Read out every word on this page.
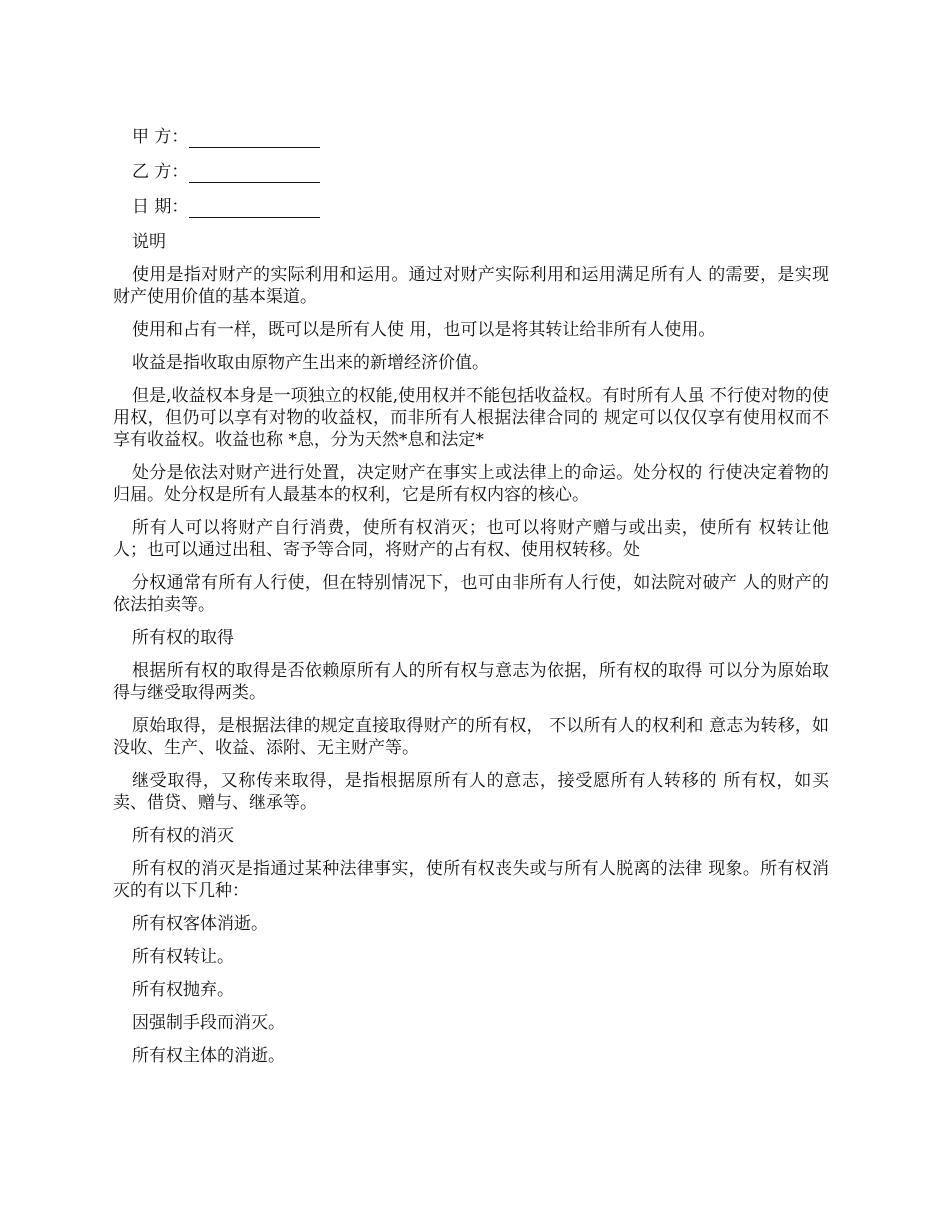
甲 方：
乙 方：
日 期：

说明

使用是指对财产的实际利用和运用。通过对财产实际利用和运用满足所有人 的需要，是实现财产使用价值的基本渠道。

使用和占有一样，既可以是所有人使 用，也可以是将其转让给非所有人使用。

收益是指收取由原物产生出来的新增经济价值。

但是,收益权本身是一项独立的权能,使用权并不能包括收益权。有时所有人虽 不行使对物的使用权，但仍可以享有对物的收益权，而非所有人根据法律合同的 规定可以仅仅享有使用权而不享有收益权。收益也称 *息，分为天然*息和法定*

处分是依法对财产进行处置，决定财产在事实上或法律上的命运。处分权的 行使决定着物的归届。处分权是所有人最基本的权利，它是所有权内容的核心。

所有人可以将财产自行消费，使所有权消灭；也可以将财产赠与或出卖，使所有 权转让他人；也可以通过出租、寄予等合同，将财产的占有权、使用权转移。处

分权通常有所有人行使，但在特别情况下，也可由非所有人行使，如法院对破产 人的财产的依法拍卖等。

所有权的取得

根据所有权的取得是否依赖原所有人的所有权与意志为依据，所有权的取得 可以分为原始取得与继受取得两类。

原始取得，是根据法律的规定直接取得财产的所有权， 不以所有人的权利和 意志为转移，如没收、生产、收益、添附、无主财产等。

继受取得，又称传来取得，是指根据原所有人的意志，接受愿所有人转移的 所有权，如买卖、借贷、赠与、继承等。

所有权的消灭

所有权的消灭是指通过某种法律事实，使所有权丧失或与所有人脱离的法律 现象。所有权消灭的有以下几种：

所有权客体消逝。

所有权转让。

所有权抛弃。

因强制手段而消灭。

所有权主体的消逝。
